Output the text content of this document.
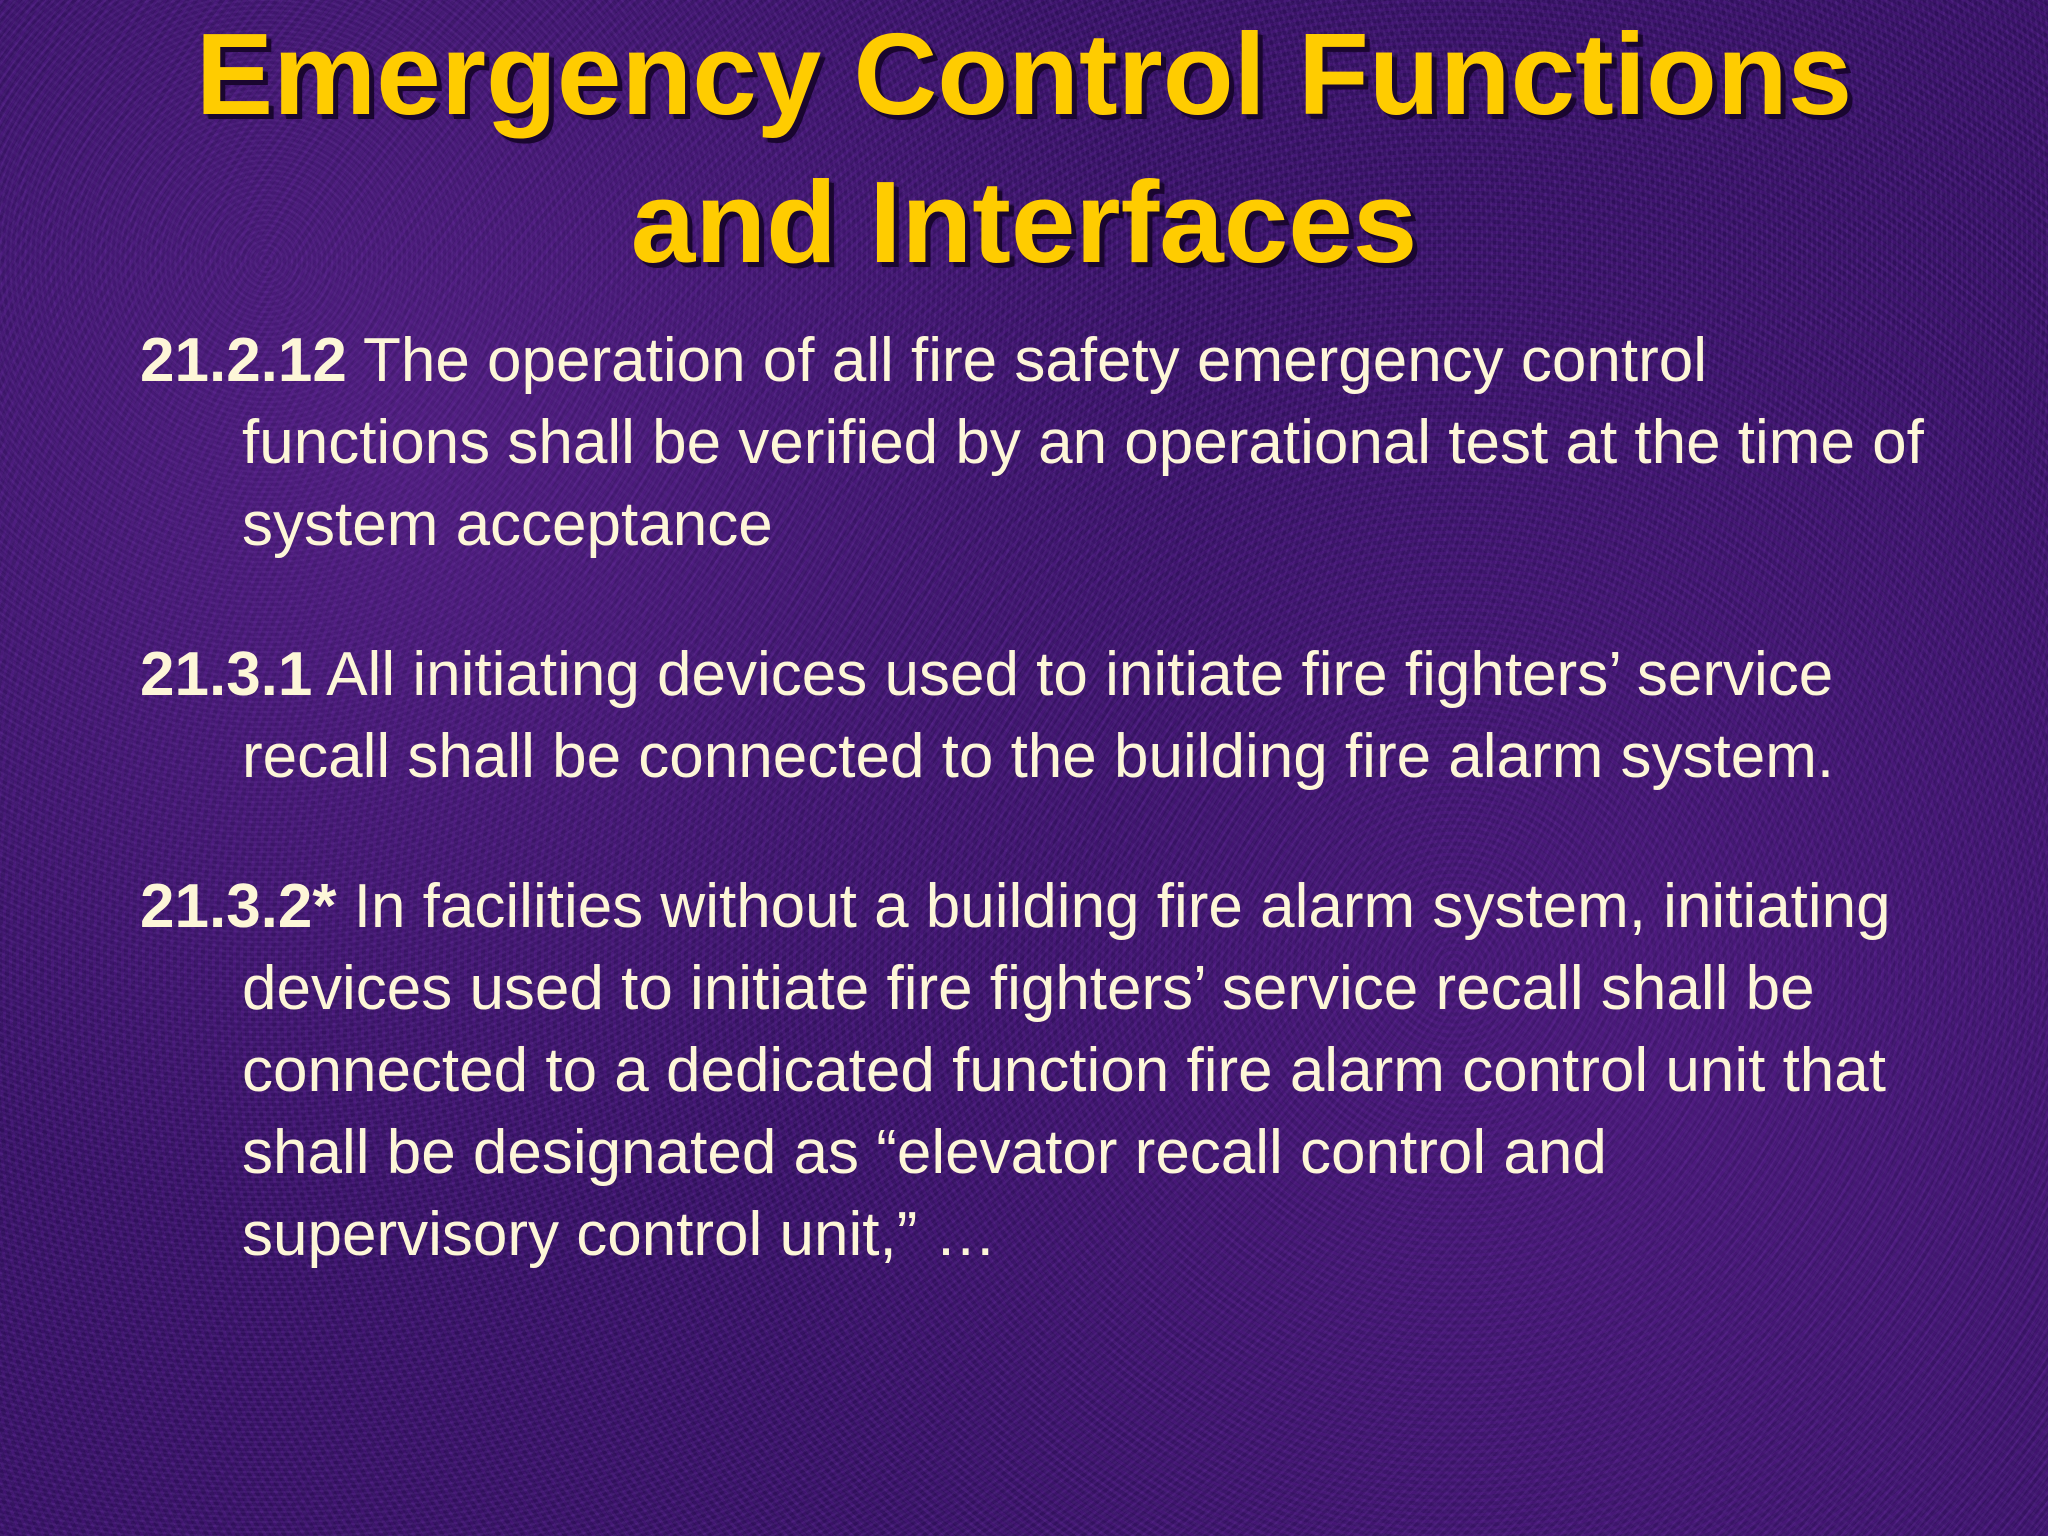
Emergency Control Functions
and Interfaces

21.2.12 The operation of all fire safety emergency control functions shall be verified by an operational test at the time of system acceptance

21.3.1 All initiating devices used to initiate fire fighters’ service recall shall be connected to the building fire alarm system.

21.3.2* In facilities without a building fire alarm system, initiating devices used to initiate fire fighters’ service recall shall be connected to a dedicated function fire alarm control unit that shall be designated as “elevator recall control and supervisory control unit,” …
